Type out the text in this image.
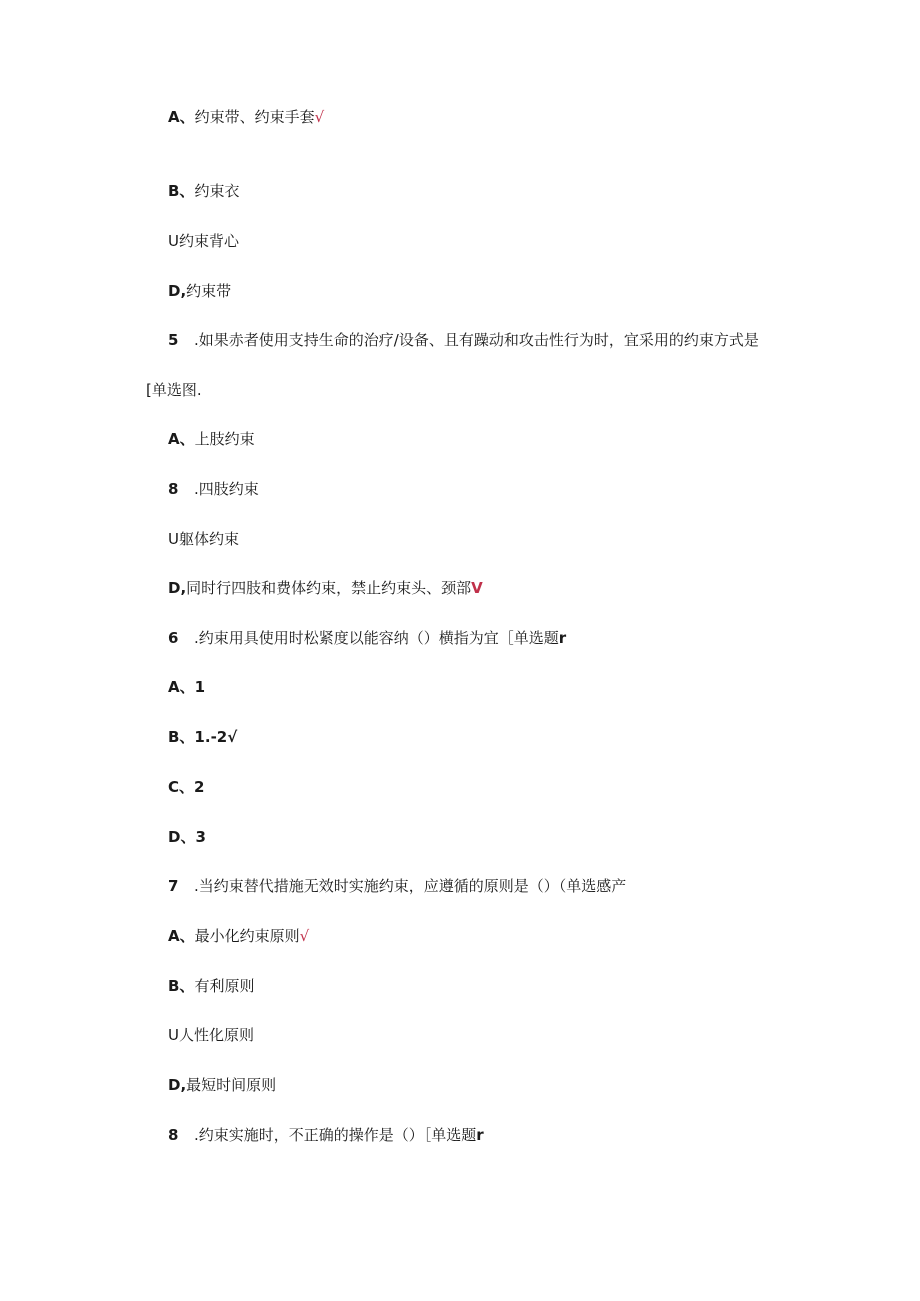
A、约束带、约束手套√
B、约束衣
U约束背心
D,约束带
5 .如果赤者使用支持生命的治疗/设备、且有躁动和攻击性行为时，宜采用的约束方式是
[单选图.
A、上肢约束
8 .四肢约束
U躯体约束
D,同时行四肢和费体约束，禁止约束头、颈部V
6 .约束用具使用时松紧度以能容纳（）横指为宜［单选题r
A、1
B、1.-2√
C、2
D、3
7 .当约束替代措施无效时实施约束，应遵循的原则是（）（单选感产
A、最小化约束原则√
B、有利原则
U人性化原则
D,最短时间原则
8 .约束实施时，不正确的操作是（）［单选题r
